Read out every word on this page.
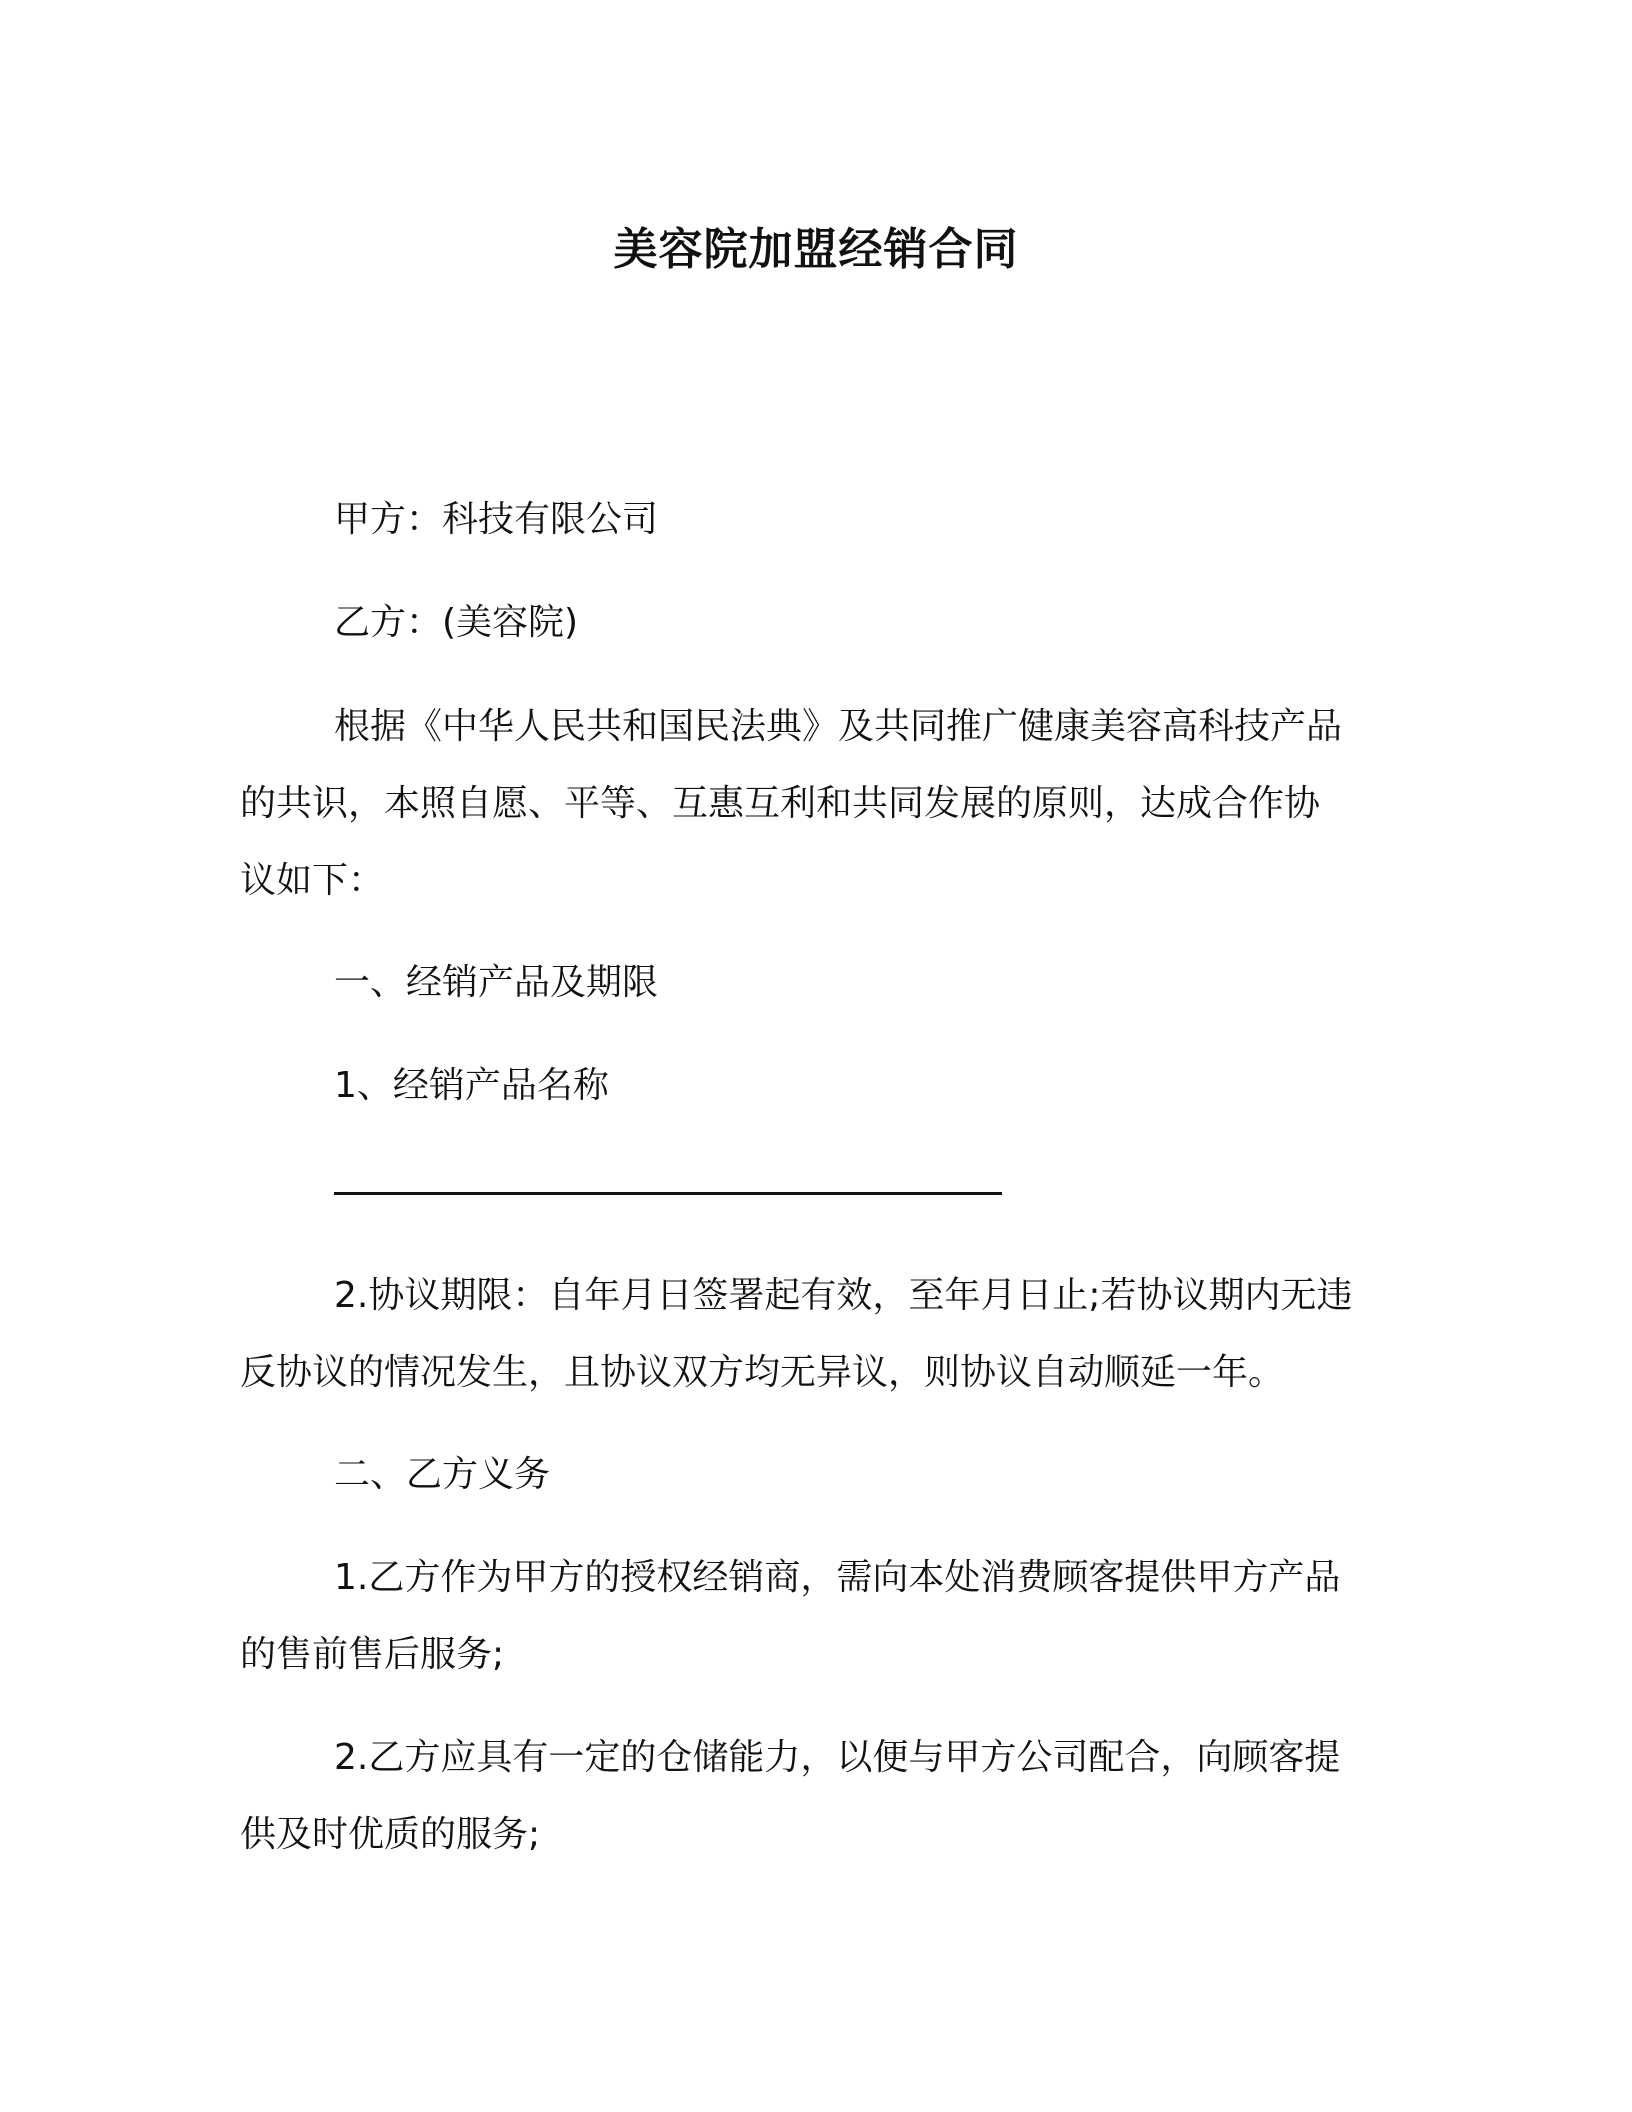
美容院加盟经销合同
甲方：科技有限公司
乙方：(美容院)
根据《中华人民共和国民法典》及共同推广健康美容高科技产品
的共识，本照自愿、平等、互惠互利和共同发展的原则，达成合作协
议如下：
一、经销产品及期限
1、经销产品名称
2.协议期限：自年月日签署起有效，至年月日止;若协议期内无违
反协议的情况发生，且协议双方均无异议，则协议自动顺延一年。
二、乙方义务
1.乙方作为甲方的授权经销商，需向本处消费顾客提供甲方产品
的售前售后服务;
2.乙方应具有一定的仓储能力，以便与甲方公司配合，向顾客提
供及时优质的服务;
